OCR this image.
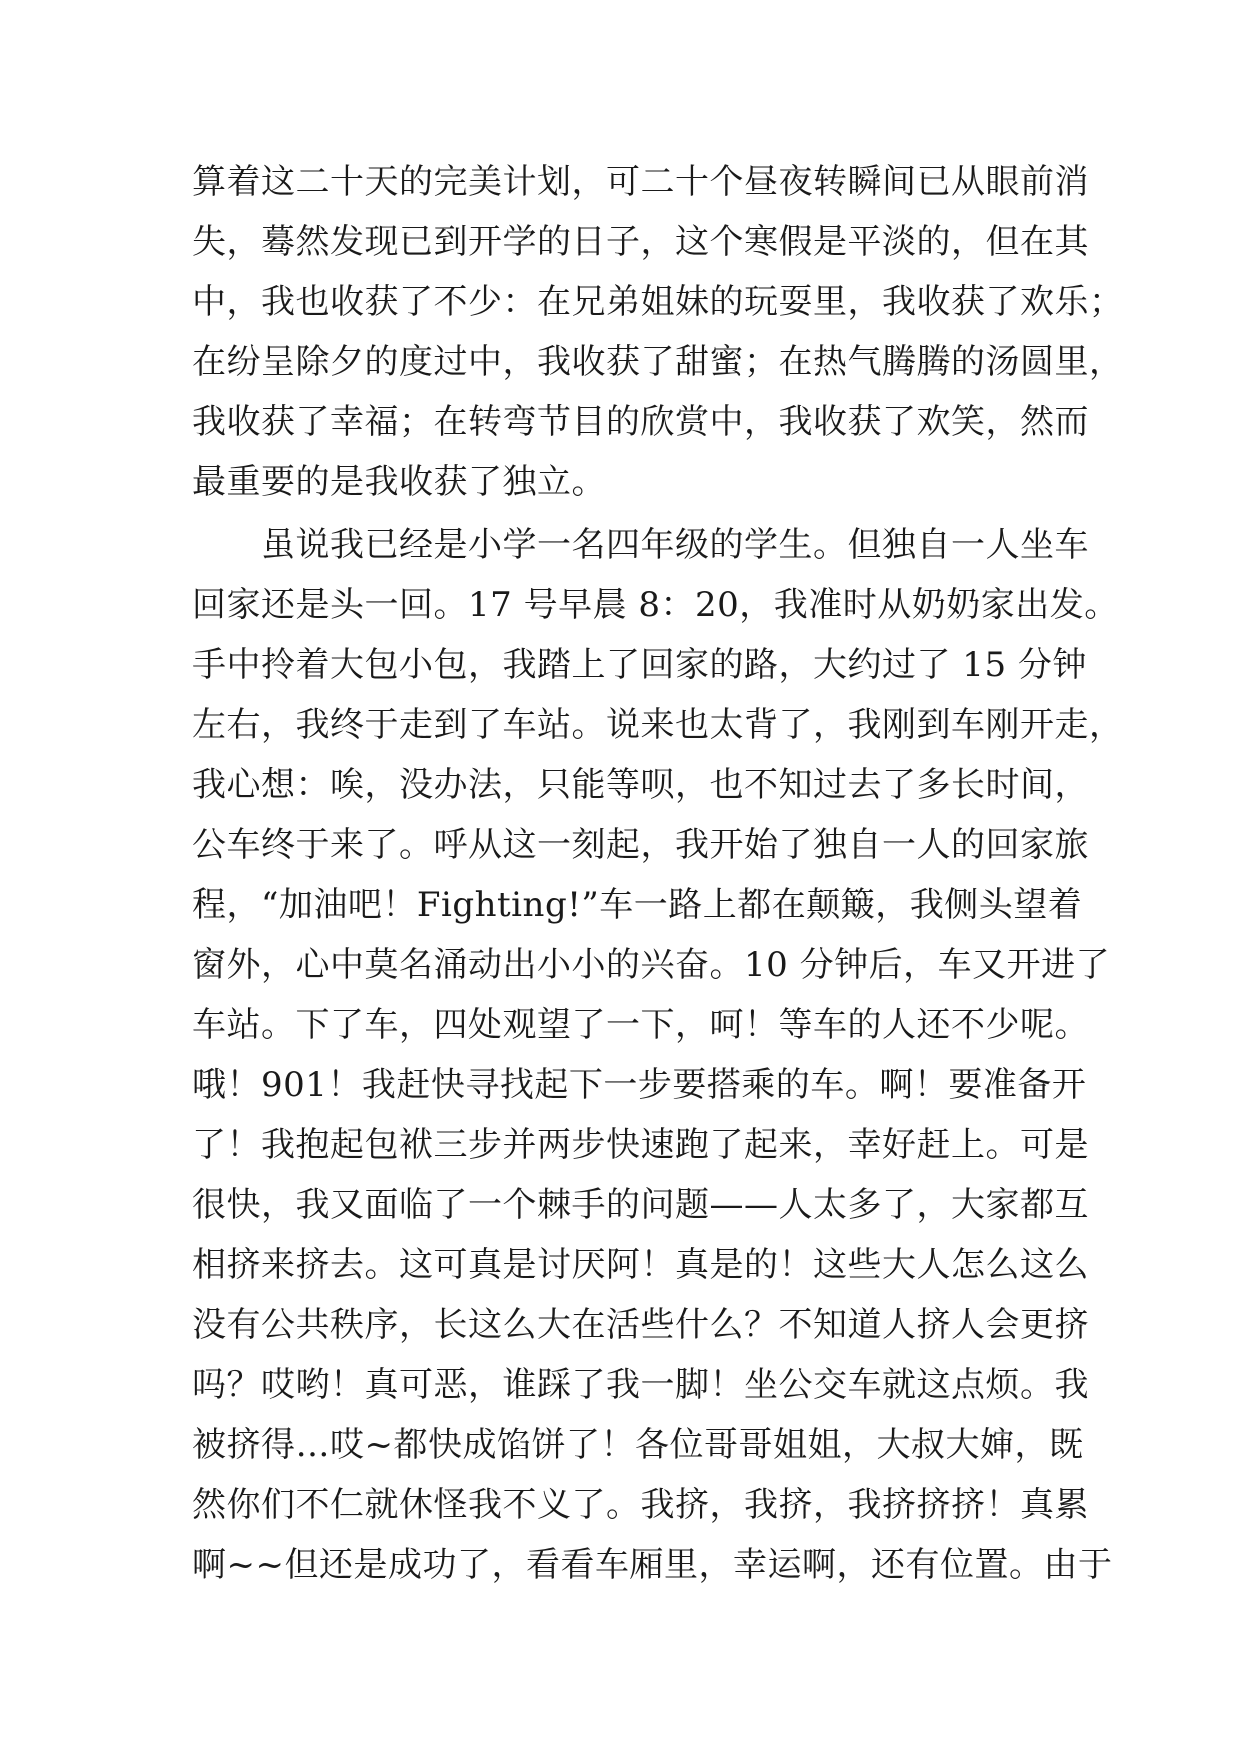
算着这二十天的完美计划，可二十个昼夜转瞬间已从眼前消
失，蓦然发现已到开学的日子，这个寒假是平淡的，但在其
中，我也收获了不少：在兄弟姐妹的玩耍里，我收获了欢乐；
在纷呈除夕的度过中，我收获了甜蜜；在热气腾腾的汤圆里，
我收获了幸福；在转弯节目的欣赏中，我收获了欢笑，然而
最重要的是我收获了独立。
　　虽说我已经是小学一名四年级的学生。但独自一人坐车
回家还是头一回。17 号早晨 8：20，我准时从奶奶家出发。
手中拎着大包小包，我踏上了回家的路，大约过了 15 分钟
左右，我终于走到了车站。说来也太背了，我刚到车刚开走，
我心想：唉，没办法，只能等呗，也不知过去了多长时间，
公车终于来了。呼从这一刻起，我开始了独自一人的回家旅
程，“加油吧！Fighting!”车一路上都在颠簸，我侧头望着
窗外，心中莫名涌动出小小的兴奋。10 分钟后，车又开进了
车站。下了车，四处观望了一下，呵！等车的人还不少呢。
哦！901！我赶快寻找起下一步要搭乘的车。啊！要准备开
了！我抱起包袱三步并两步快速跑了起来，幸好赶上。可是
很快，我又面临了一个棘手的问题——人太多了，大家都互
相挤来挤去。这可真是讨厌阿！真是的！这些大人怎么这么
没有公共秩序，长这么大在活些什么？不知道人挤人会更挤
吗？哎哟！真可恶，谁踩了我一脚！坐公交车就这点烦。我
被挤得…哎~都快成馅饼了！各位哥哥姐姐，大叔大婶，既
然你们不仁就休怪我不义了。我挤，我挤，我挤挤挤！真累
啊~~但还是成功了，看看车厢里，幸运啊，还有位置。由于
